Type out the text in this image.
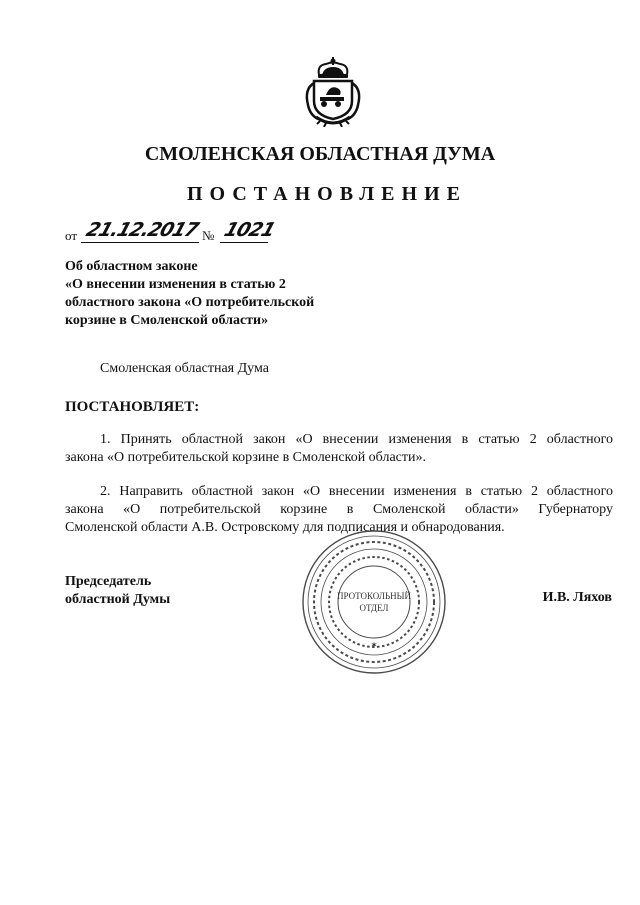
СМОЛЕНСКАЯ ОБЛАСТНАЯ ДУМА
ПОСТАНОВЛЕНИЕ
от 21.12.2017 № 1021
Об областном законе
«О внесении изменения в статью 2
областного закона «О потребительской
корзине в Смоленской области»
Смоленская областная Дума
ПОСТАНОВЛЯЕТ:
1. Принять областной закон «О внесении изменения в статью 2 областного
закона «О потребительской корзине в Смоленской области».
2. Направить областной закон «О внесении изменения в статью 2 областного
закона «О потребительской корзине в Смоленской области» Губернатору
Смоленской области А.В. Островскому для подписания и обнародования.
ПРОТОКОЛЬНЫЙ
ОТДЕЛ
✶
Председатель
областной Думы	И.В. Ляхов
